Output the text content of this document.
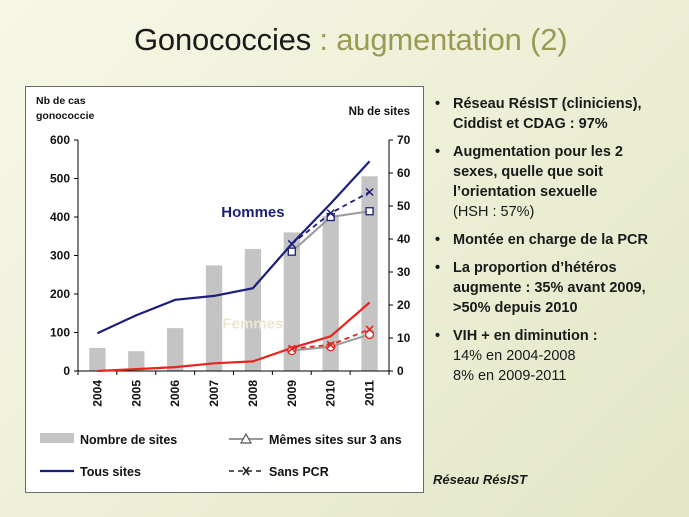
Gonococcies : augmentation (2)
0
100
200
300
400
500
600
0
10
20
30
40
50
60
70
2004 2005 2006 2007 2008 2009 2010 2011
Nb de cas
gonococcie	Nb de sites
Hommes
Femmes
Nombre de sites	Mêmes sites sur 3 ans
Tous sites	Sans PCR
• Réseau RésIST (cliniciens),
Ciddist et CDAG : 97%
• Augmentation pour les 2
sexes, quelle que soit
l’orientation sexuelle
(HSH : 57%)
• Montée en charge de la PCR
• La proportion d’hétéros
augmente : 35% avant 2009,
>50% depuis 2010
• VIH + en diminution :
14% en 2004-2008
8% en 2009-2011
Réseau RésIST
